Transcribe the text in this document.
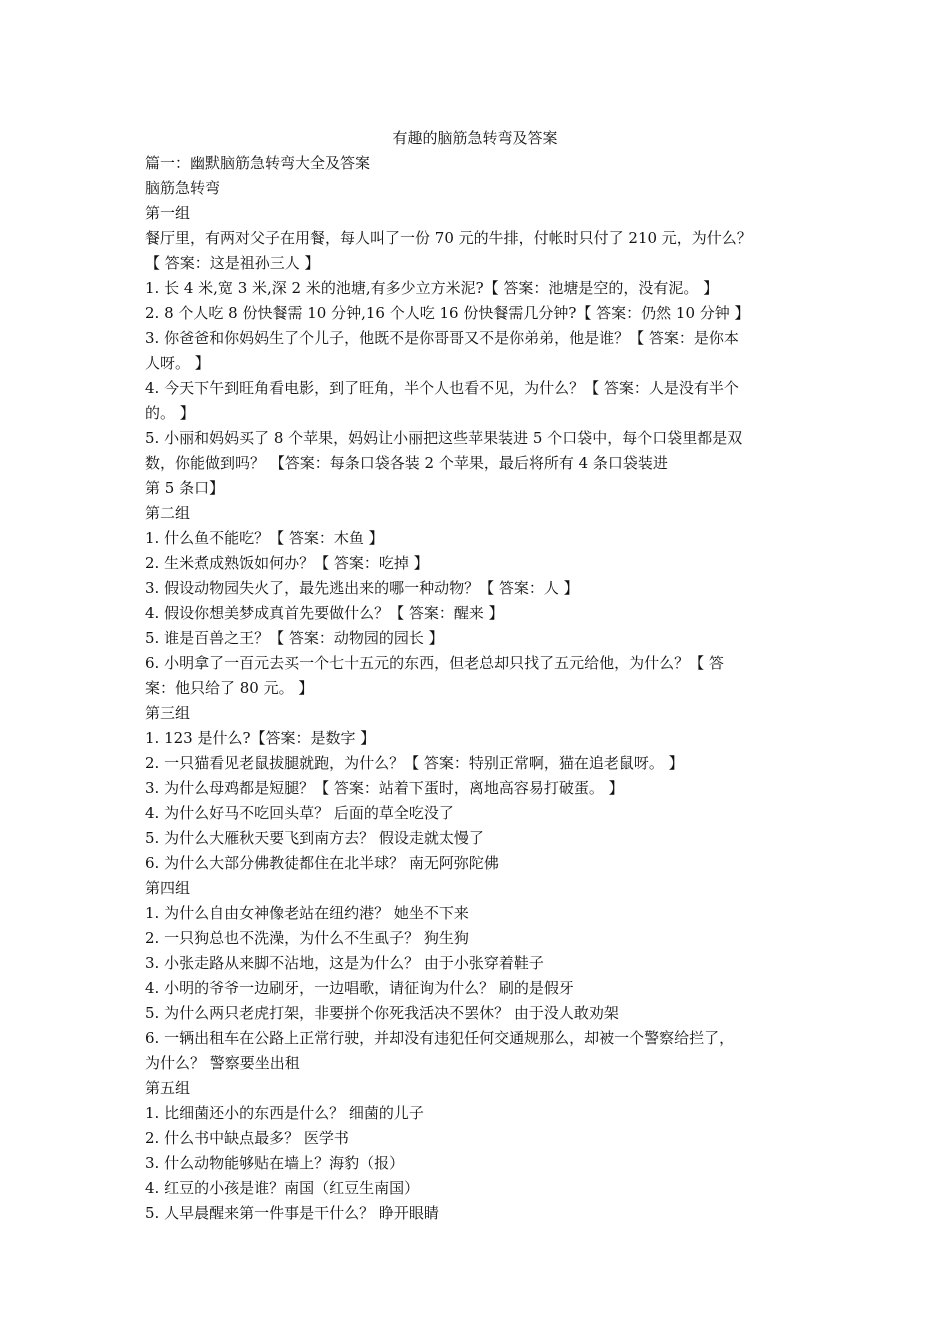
有趣的脑筋急转弯及答案
篇一：幽默脑筋急转弯大全及答案
脑筋急转弯
第一组
餐厅里，有两对父子在用餐，每人叫了一份 70 元的牛排，付帐时只付了 210 元，为什么？
【 答案：这是祖孙三人 】
1. 长 4 米,宽 3 米,深 2 米的池塘,有多少立方米泥?【 答案：池塘是空的，没有泥。 】
2. 8 个人吃 8 份快餐需 10 分钟,16 个人吃 16 份快餐需几分钟?【 答案：仍然 10 分钟 】
3. 你爸爸和你妈妈生了个儿子，他既不是你哥哥又不是你弟弟，他是谁？【 答案：是你本
人呀。 】
4. 今天下午到旺角看电影，到了旺角，半个人也看不见，为什么？【 答案：人是没有半个
的。 】
5. 小丽和妈妈买了 8 个苹果，妈妈让小丽把这些苹果装进 5 个口袋中，每个口袋里都是双
数，你能做到吗？ 【答案：每条口袋各装 2 个苹果，最后将所有 4 条口袋装进
第 5 条口】
第二组
1. 什么鱼不能吃？【 答案：木鱼 】
2. 生米煮成熟饭如何办？【 答案：吃掉 】
3. 假设动物园失火了，最先逃出来的哪一种动物？【 答案：人 】
4. 假设你想美梦成真首先要做什么？【 答案：醒来 】
5. 谁是百兽之王？【 答案：动物园的园长 】
6. 小明拿了一百元去买一个七十五元的东西，但老总却只找了五元给他，为什么？【 答
案：他只给了 80 元。 】
第三组
1. 123 是什么?【答案：是数字 】
2. 一只猫看见老鼠拔腿就跑，为什么？【 答案：特别正常啊，猫在追老鼠呀。 】
3. 为什么母鸡都是短腿？【 答案：站着下蛋时，离地高容易打破蛋。 】
4. 为什么好马不吃回头草？ 后面的草全吃没了
5. 为什么大雁秋天要飞到南方去？ 假设走就太慢了
6. 为什么大部分佛教徒都住在北半球？ 南无阿弥陀佛
第四组
1. 为什么自由女神像老站在纽约港？ 她坐不下来
2. 一只狗总也不洗澡，为什么不生虱子？ 狗生狗
3. 小张走路从来脚不沾地，这是为什么？ 由于小张穿着鞋子
4. 小明的爷爷一边刷牙，一边唱歌，请征询为什么？ 刷的是假牙
5. 为什么两只老虎打架，非要拼个你死我活决不罢休？ 由于没人敢劝架
6. 一辆出租车在公路上正常行驶，并却没有违犯任何交通规那么，却被一个警察给拦了，
为什么？ 警察要坐出租
第五组
1. 比细菌还小的东西是什么？ 细菌的儿子
2. 什么书中缺点最多？ 医学书
3. 什么动物能够贴在墙上？海豹（报）
4. 红豆的小孩是谁？南国（红豆生南国）
5. 人早晨醒来第一件事是干什么？ 睁开眼睛
